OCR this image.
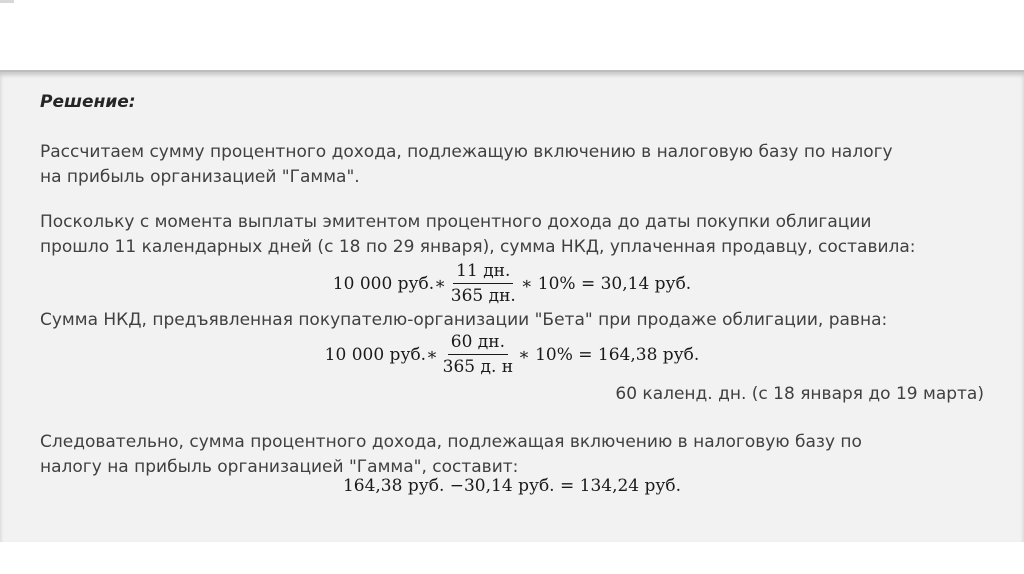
Решение:

Рассчитаем сумму процентного дохода, подлежащую включению в налоговую базу по налогу
на прибыль организацией "Гамма".

Поскольку с момента выплаты эмитентом процентного дохода до даты покупки облигации
прошло 11 календарных дней (с 18 по 29 января), сумма НКД, уплаченная продавцу, составила:

10 000 руб.∗ $\frac{11 дн.}{365 дн.}$ ∗ 10% = 30,14 руб.

Сумма НКД, предъявленная покупателю-организации "Бета" при продаже облигации, равна:

10 000 руб.∗ $\frac{60 дн.}{365 д. н}$ ∗ 10% = 164,38 руб.
60 календ. дн. (с 18 января до 19 марта)

Следовательно, сумма процентного дохода, подлежащая включению в налоговую базу по
налогу на прибыль организацией "Гамма", составит:

164,38 руб. −30,14 руб. = 134,24 руб.
